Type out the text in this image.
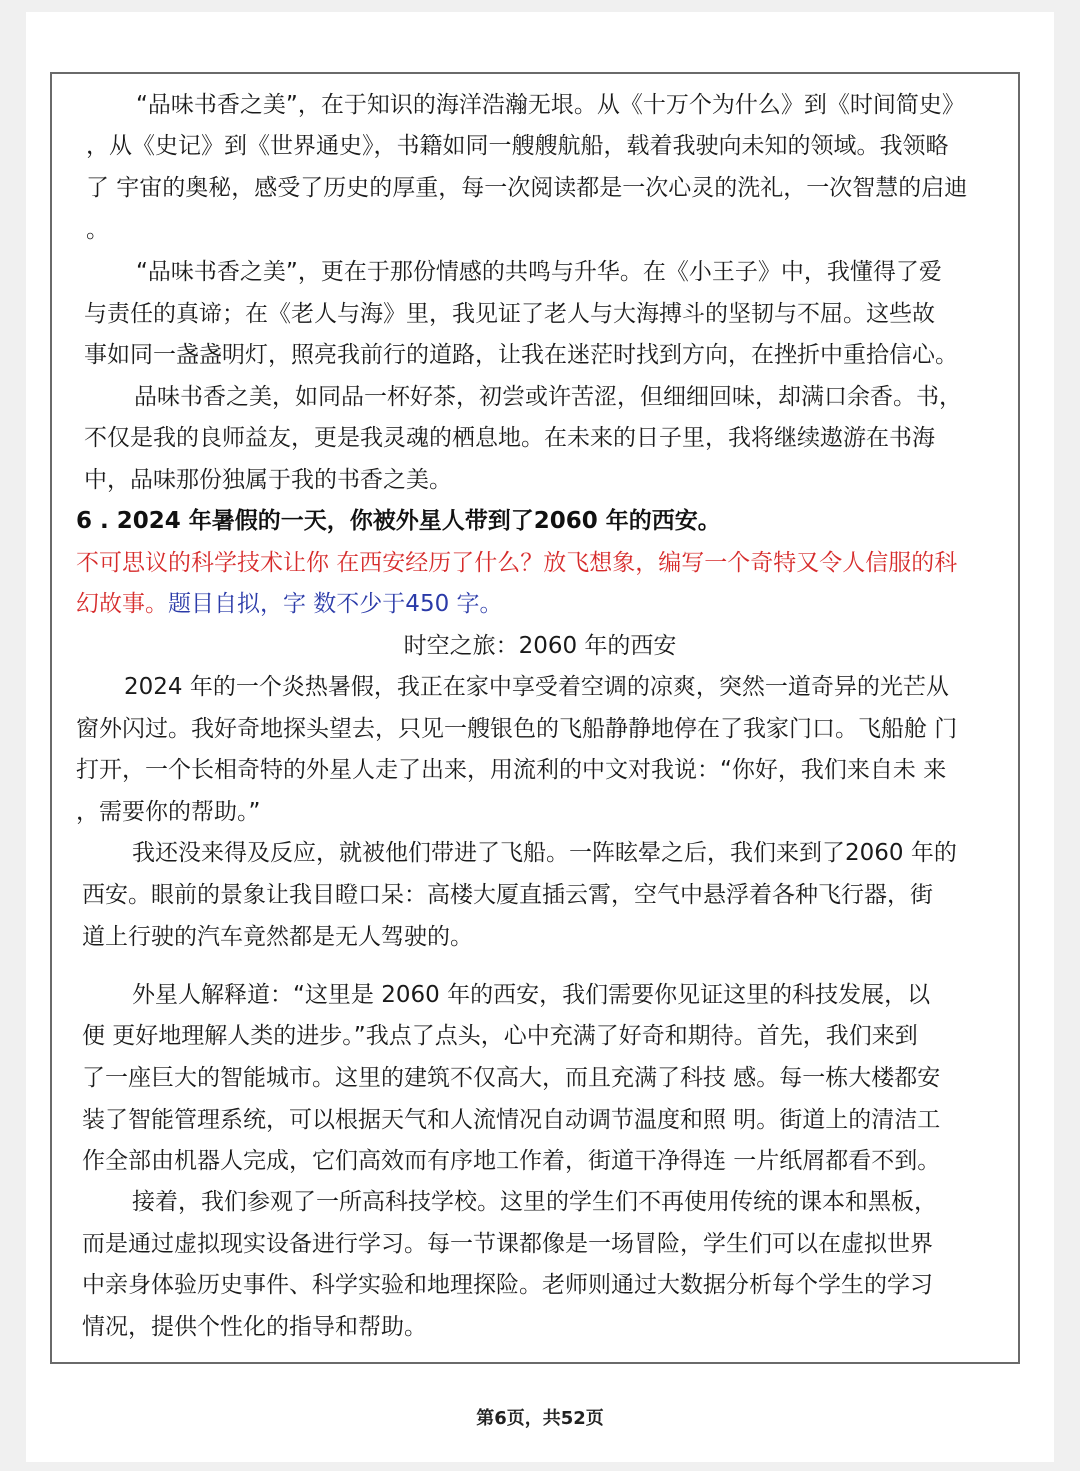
“品味书香之美”，在于知识的海洋浩瀚无垠。从《十万个为什么》到《时间简史》
，从《史记》到《世界通史》，书籍如同一艘艘航船，载着我驶向未知的领域。我领略
了 宇宙的奥秘，感受了历史的厚重，每一次阅读都是一次心灵的洗礼，一次智慧的启迪
。
“品味书香之美”，更在于那份情感的共鸣与升华。在《小王子》中，我懂得了爱
与责任的真谛；在《老人与海》里，我见证了老人与大海搏斗的坚韧与不屈。这些故
事如同一盏盏明灯，照亮我前行的道路，让我在迷茫时找到方向，在挫折中重拾信心。
品味书香之美，如同品一杯好茶，初尝或许苦涩，但细细回味，却满口余香。书，
不仅是我的良师益友，更是我灵魂的栖息地。在未来的日子里，我将继续遨游在书海
中，品味那份独属于我的书香之美。
6 . 2024 年暑假的一天，你被外星人带到了2060 年的西安。
不可思议的科学技术让你 在西安经历了什么？放飞想象，编写一个奇特又令人信服的科
幻故事。题目自拟，字 数不少于450 字。
时空之旅：2060 年的西安
2024 年的一个炎热暑假，我正在家中享受着空调的凉爽，突然一道奇异的光芒从
窗外闪过。我好奇地探头望去，只见一艘银色的飞船静静地停在了我家门口。飞船舱 门
打开，一个长相奇特的外星人走了出来，用流利的中文对我说：“你好，我们来自未 来
，需要你的帮助。”
我还没来得及反应，就被他们带进了飞船。一阵眩晕之后，我们来到了2060 年的
西安。眼前的景象让我目瞪口呆：高楼大厦直插云霄，空气中悬浮着各种飞行器，街
道上行驶的汽车竟然都是无人驾驶的。
外星人解释道：“这里是 2060 年的西安，我们需要你见证这里的科技发展，以
便 更好地理解人类的进步。”我点了点头，心中充满了好奇和期待。首先，我们来到
了一座巨大的智能城市。这里的建筑不仅高大，而且充满了科技 感。每一栋大楼都安
装了智能管理系统，可以根据天气和人流情况自动调节温度和照 明。街道上的清洁工
作全部由机器人完成，它们高效而有序地工作着，街道干净得连 一片纸屑都看不到。
接着，我们参观了一所高科技学校。这里的学生们不再使用传统的课本和黑板，
而是通过虚拟现实设备进行学习。每一节课都像是一场冒险，学生们可以在虚拟世界
中亲身体验历史事件、科学实验和地理探险。老师则通过大数据分析每个学生的学习
情况，提供个性化的指导和帮助。
第6页，共52页
